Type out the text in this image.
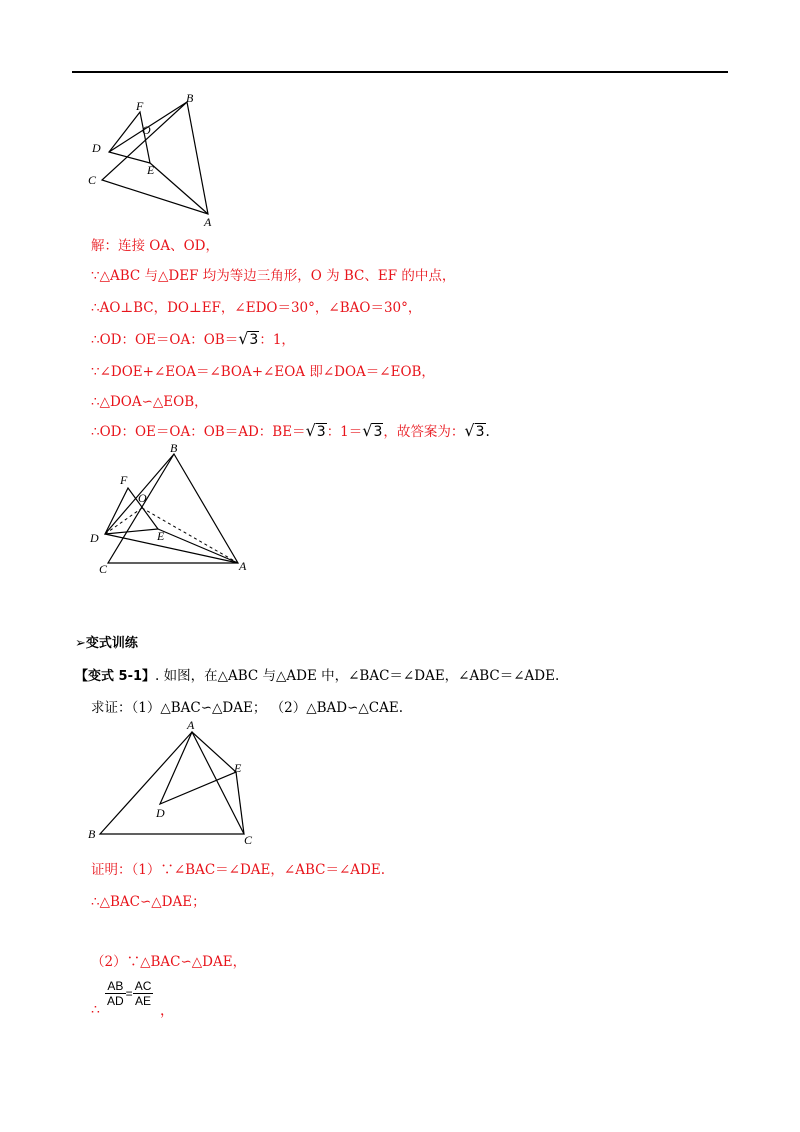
F
O
B
D
E
C
A
解：连接 OA、OD，
∵△ABC 与△DEF 均为等边三角形，O 为 BC、EF 的中点，
∴AO⊥BC，DO⊥EF，∠EDO＝30°，∠BAO＝30°，
∴OD：OE＝OA：OB＝√3：1，
∵∠DOE+∠EOA＝∠BOA+∠EOA 即∠DOA＝∠EOB，
∴△DOA∽△EOB，
∴OD：OE＝OA：OB＝AD：BE＝√3：1＝√3，故答案为：√3.
B
F
O
D	E
C	A
➢变式训练
【变式 5-1】. 如图，在△ABC 与△ADE 中，∠BAC＝∠DAE，∠ABC＝∠ADE.
求证：（1）△BAC∽△DAE； （2）△BAD∽△CAE.
A
E
D
B	C
证明：（1）∵∠BAC＝∠DAE，∠ABC＝∠ADE.
∴△BAC∽△DAE；
（2）∵△BAC∽△DAE，
$\frac{AB}{AD} = \frac{AC}{AE}$
∴	，
